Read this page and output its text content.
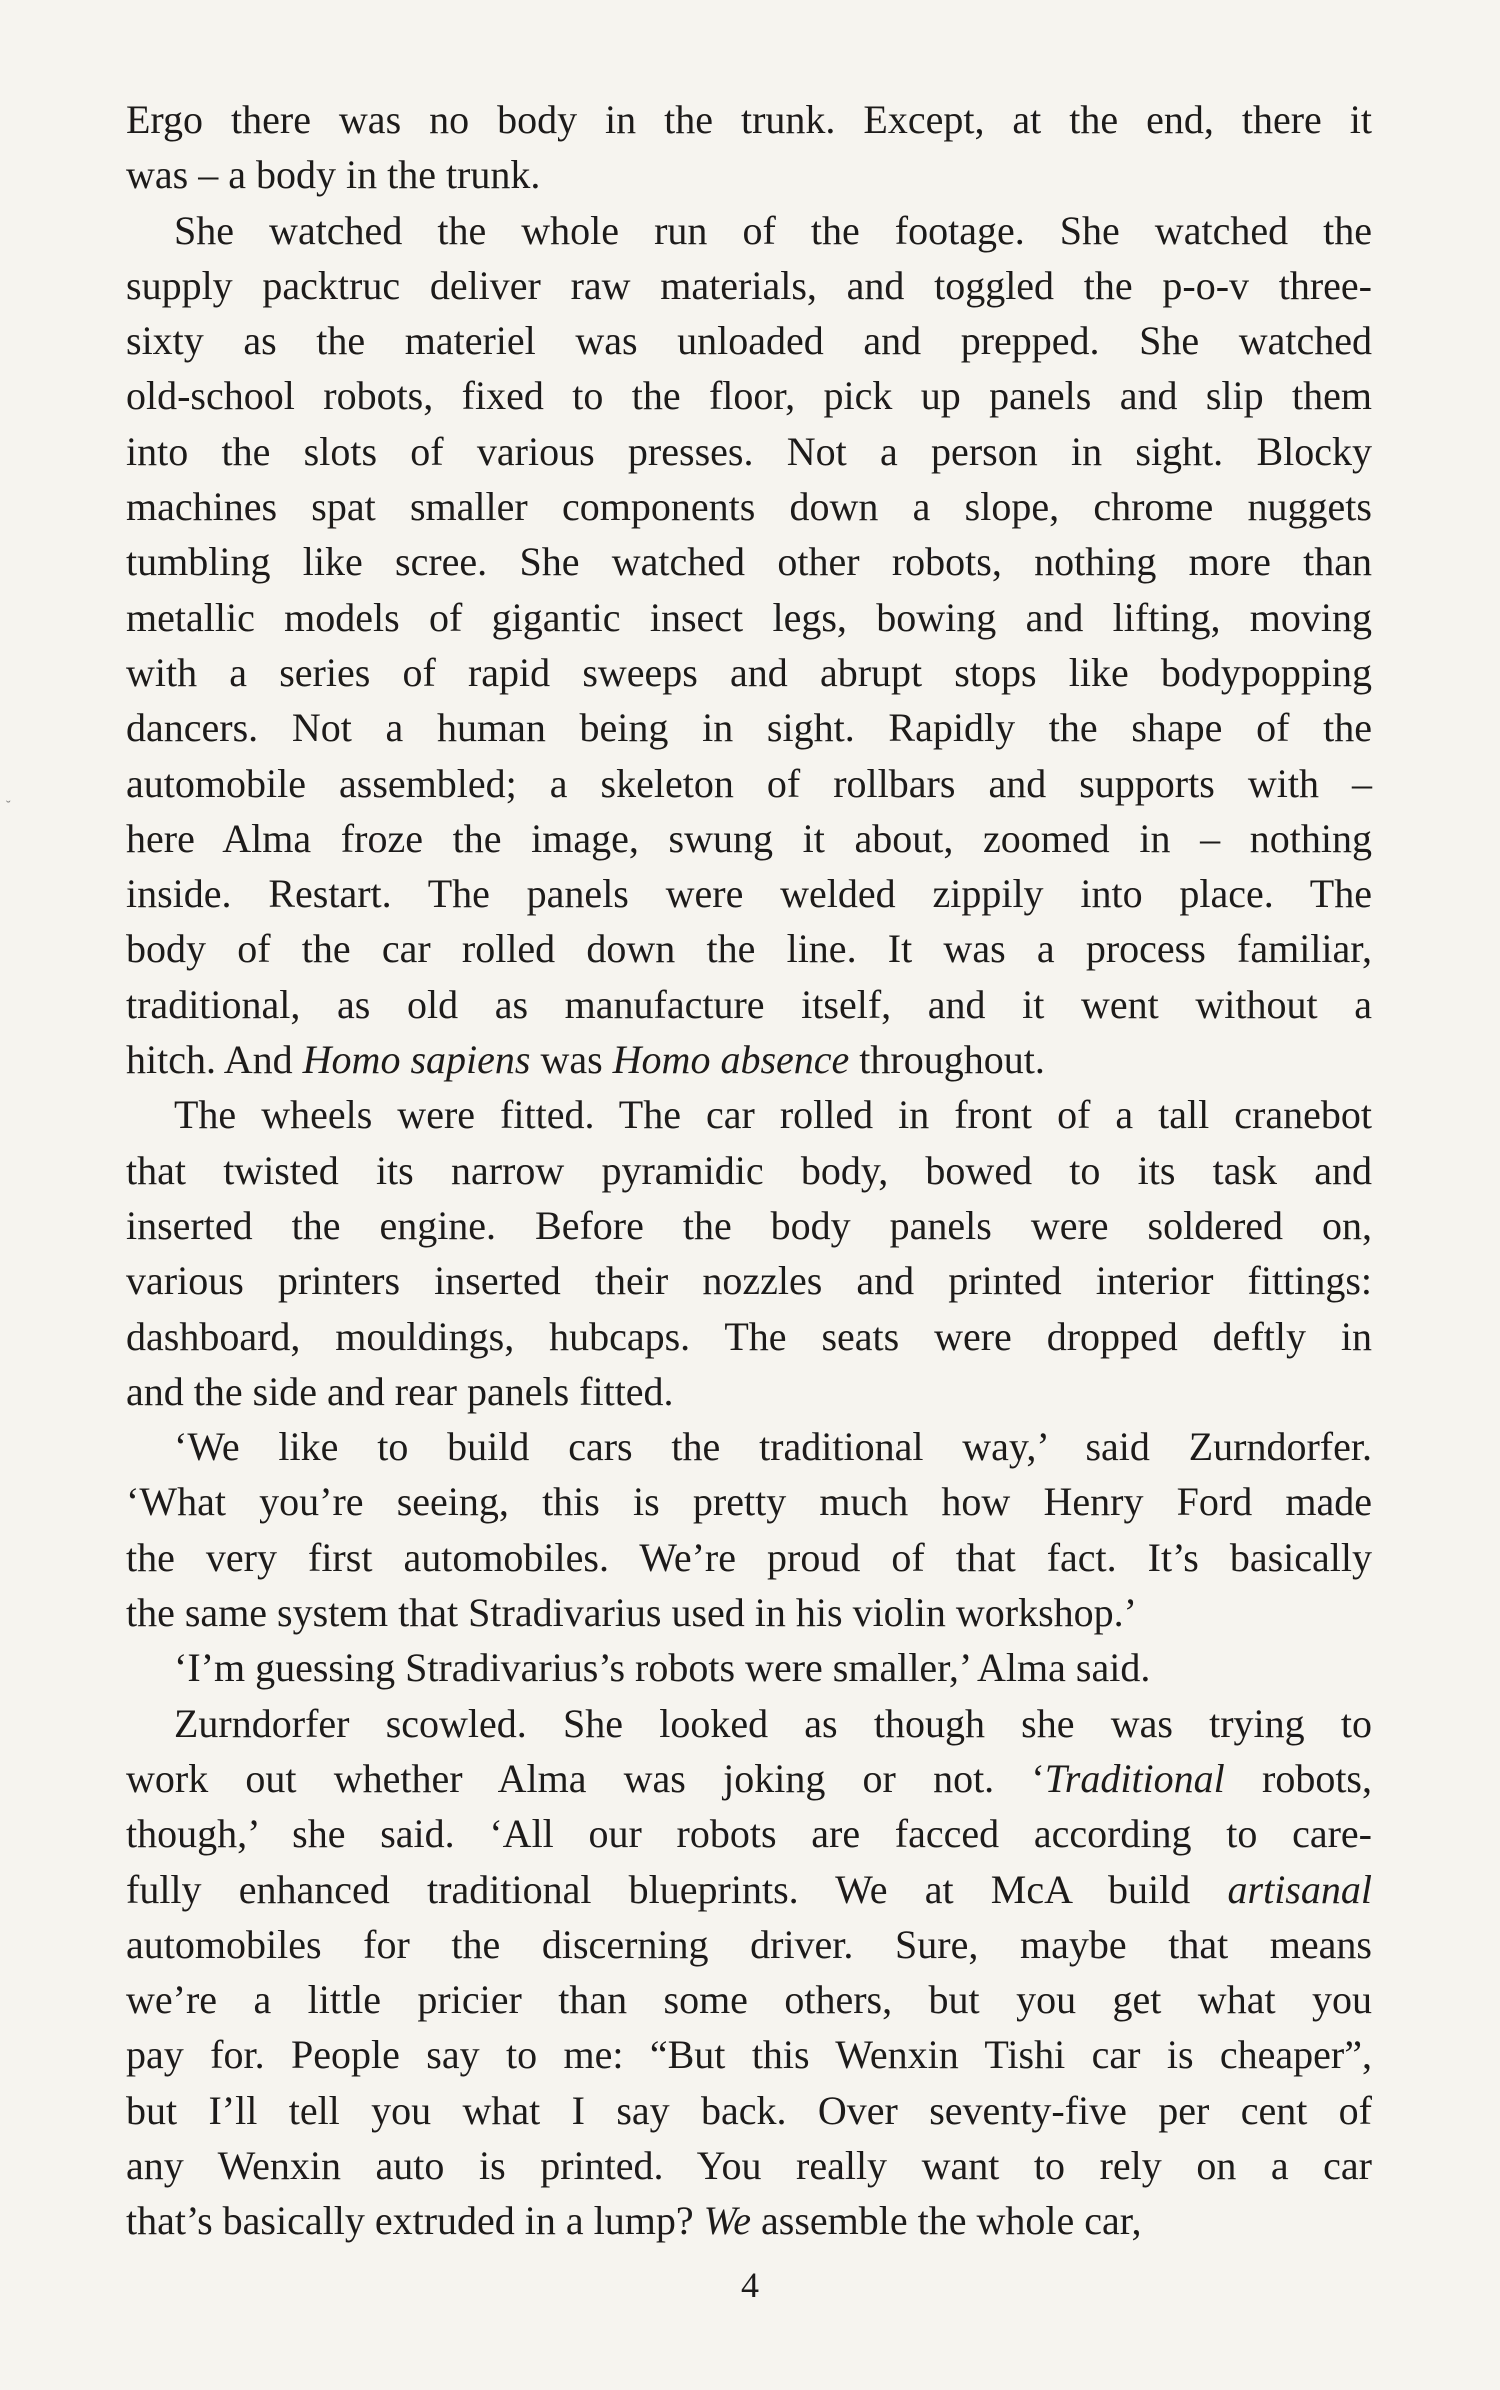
Ergo there was no body in the trunk. Except, at the end, there it
was – a body in the trunk.

She watched the whole run of the footage. She watched the
supply packtruc deliver raw materials, and toggled the p-o-v three-
sixty as the materiel was unloaded and prepped. She watched
old-school robots, fixed to the floor, pick up panels and slip them
into the slots of various presses. Not a person in sight. Blocky
machines spat smaller components down a slope, chrome nuggets
tumbling like scree. She watched other robots, nothing more than
metallic models of gigantic insect legs, bowing and lifting, moving
with a series of rapid sweeps and abrupt stops like bodypopping
dancers. Not a human being in sight. Rapidly the shape of the
automobile assembled; a skeleton of rollbars and supports with –
here Alma froze the image, swung it about, zoomed in – nothing
inside. Restart. The panels were welded zippily into place. The
body of the car rolled down the line. It was a process familiar,
traditional, as old as manufacture itself, and it went without a
hitch. And Homo sapiens was Homo absence throughout.

The wheels were fitted. The car rolled in front of a tall cranebot
that twisted its narrow pyramidic body, bowed to its task and
inserted the engine. Before the body panels were soldered on,
various printers inserted their nozzles and printed interior fittings:
dashboard, mouldings, hubcaps. The seats were dropped deftly in
and the side and rear panels fitted.

‘We like to build cars the traditional way,’ said Zurndorfer.
‘What you’re seeing, this is pretty much how Henry Ford made
the very first automobiles. We’re proud of that fact. It’s basically
the same system that Stradivarius used in his violin workshop.’

‘I’m guessing Stradivarius’s robots were smaller,’ Alma said.

Zurndorfer scowled. She looked as though she was trying to
work out whether Alma was joking or not. ‘Traditional robots,
though,’ she said. ‘All our robots are facced according to care-
fully enhanced traditional blueprints. We at McA build artisanal
automobiles for the discerning driver. Sure, maybe that means
we’re a little pricier than some others, but you get what you
pay for. People say to me: “But this Wenxin Tishi car is cheaper”,
but I’ll tell you what I say back. Over seventy-five per cent of
any Wenxin auto is printed. You really want to rely on a car
that’s basically extruded in a lump? We assemble the whole car,

4
˘
